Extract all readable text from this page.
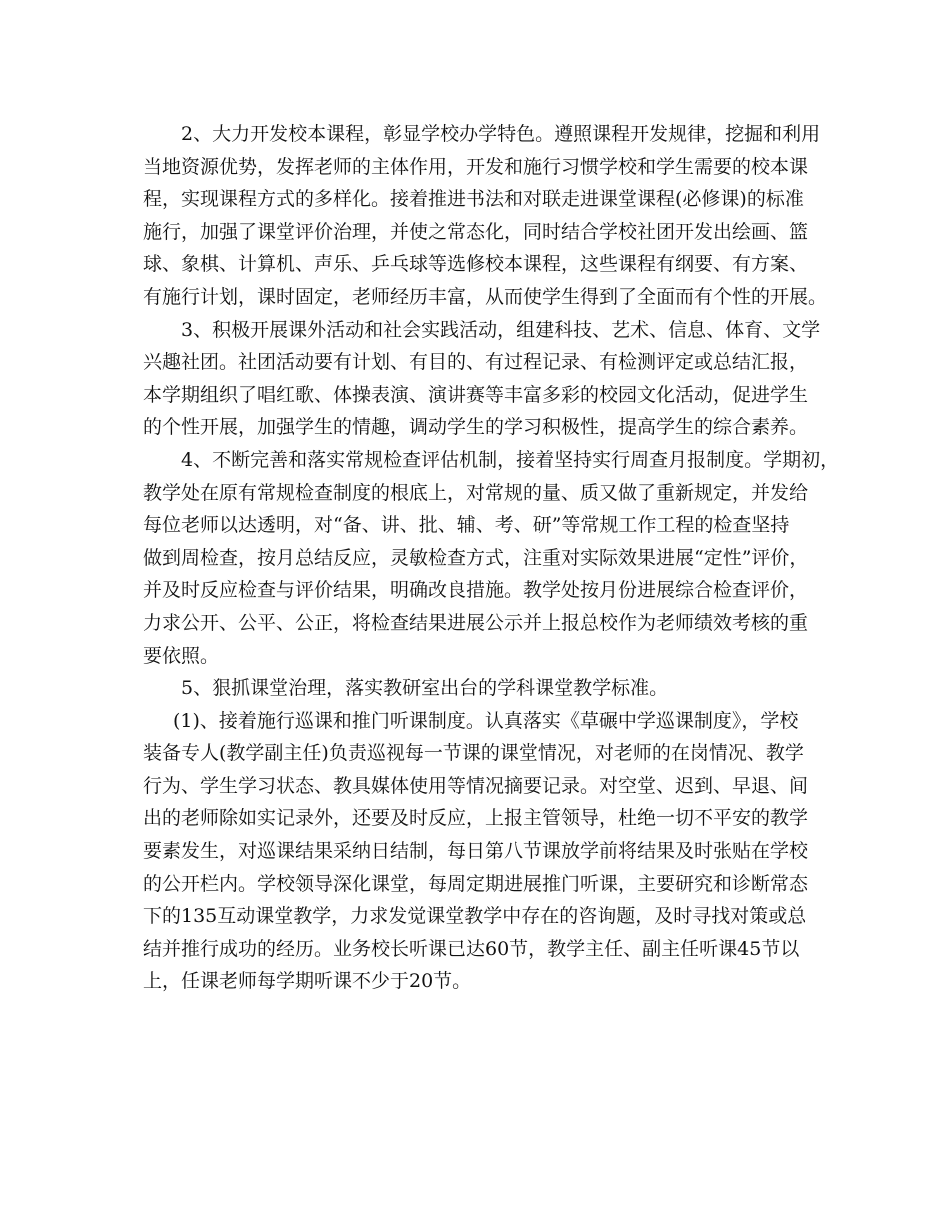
2、大力开发校本课程，彰显学校办学特色。遵照课程开发规律，挖掘和利用
当地资源优势，发挥老师的主体作用，开发和施行习惯学校和学生需要的校本课
程，实现课程方式的多样化。接着推进书法和对联走进课堂课程(必修课)的标准
施行，加强了课堂评价治理，并使之常态化，同时结合学校社团开发出绘画、篮
球、象棋、计算机、声乐、乒乓球等选修校本课程，这些课程有纲要、有方案、
有施行计划，课时固定，老师经历丰富，从而使学生得到了全面而有个性的开展。
3、积极开展课外活动和社会实践活动，组建科技、艺术、信息、体育、文学
兴趣社团。社团活动要有计划、有目的、有过程记录、有检测评定或总结汇报，
本学期组织了唱红歌、体操表演、演讲赛等丰富多彩的校园文化活动，促进学生
的个性开展，加强学生的情趣，调动学生的学习积极性，提高学生的综合素养。
4、不断完善和落实常规检查评估机制，接着坚持实行周查月报制度。学期初，
教学处在原有常规检查制度的根底上，对常规的量、质又做了重新规定，并发给
每位老师以达透明，对“备、讲、批、辅、考、研”等常规工作工程的检查坚持
做到周检查，按月总结反应，灵敏检查方式，注重对实际效果进展“定性”评价，
并及时反应检查与评价结果，明确改良措施。教学处按月份进展综合检查评价，
力求公开、公平、公正，将检查结果进展公示并上报总校作为老师绩效考核的重
要依照。
5、狠抓课堂治理，落实教研室出台的学科课堂教学标准。
(1)、接着施行巡课和推门听课制度。认真落实《草碾中学巡课制度》，学校
装备专人(教学副主任)负责巡视每一节课的课堂情况，对老师的在岗情况、教学
行为、学生学习状态、教具媒体使用等情况摘要记录。对空堂、迟到、早退、间
出的老师除如实记录外，还要及时反应，上报主管领导，杜绝一切不平安的教学
要素发生，对巡课结果采纳日结制，每日第八节课放学前将结果及时张贴在学校
的公开栏内。学校领导深化课堂，每周定期进展推门听课，主要研究和诊断常态
下的135互动课堂教学，力求发觉课堂教学中存在的咨询题，及时寻找对策或总
结并推行成功的经历。业务校长听课已达60节，教学主任、副主任听课45节以
上，任课老师每学期听课不少于20节。
